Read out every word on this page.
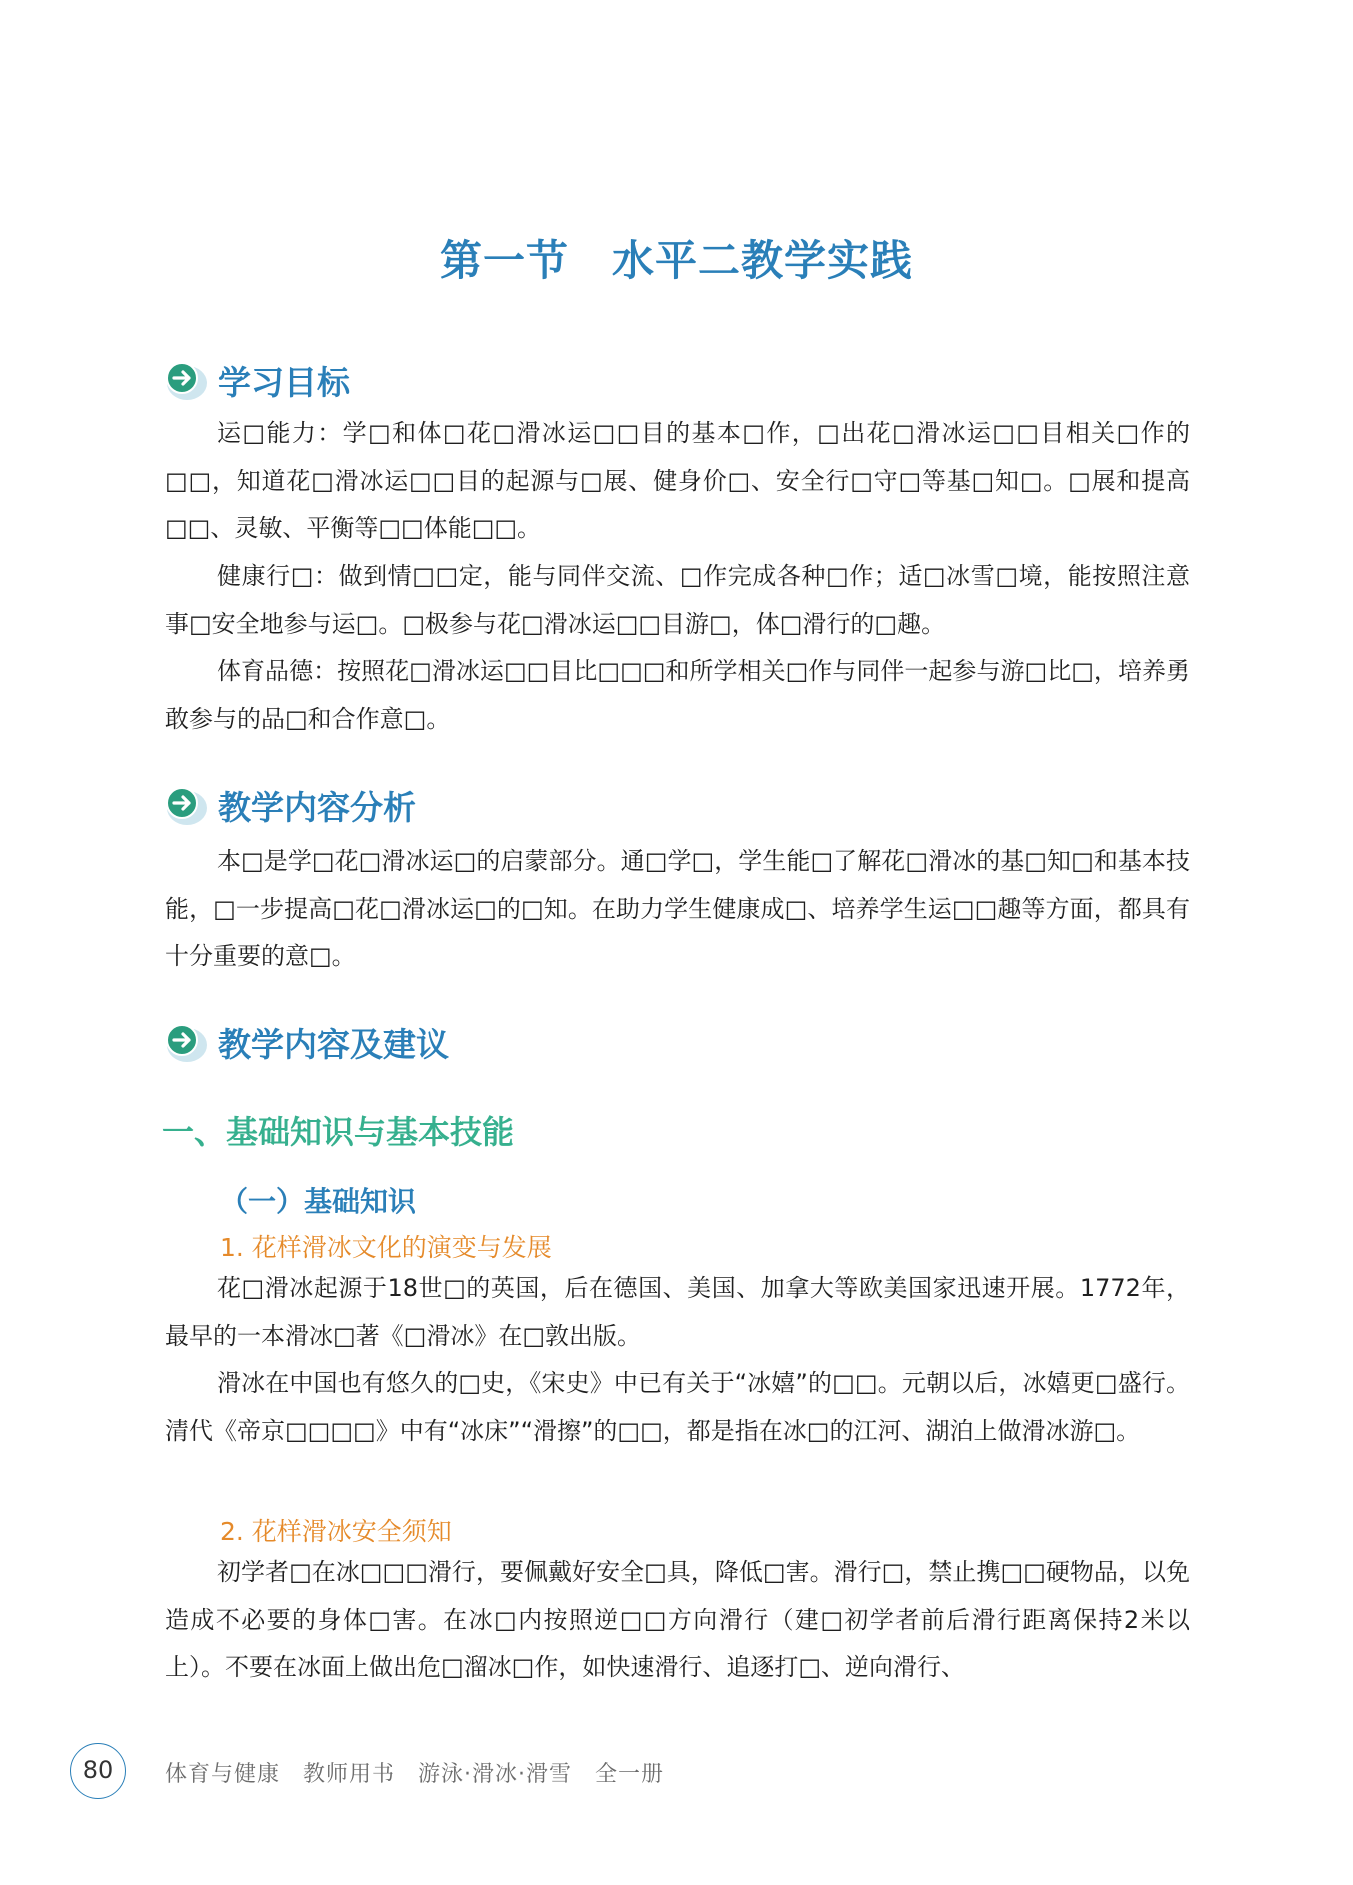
第一节　水平二教学实践
学习目标

运□能力：学□和体□花□滑冰运□□目的基本□作，□出花□滑冰运□□目相关□作的□□，知道花□滑冰运□□目的起源与□展、健身价□、安全行□守□等基□知□。□展和提高□□、灵敏、平衡等□□体能□□。

健康行□：做到情□□定，能与同伴交流、□作完成各种□作；适□冰雪□境，能按照注意事□安全地参与运□。□极参与花□滑冰运□□目游□，体□滑行的□趣。

体育品德：按照花□滑冰运□□目比□□□和所学相关□作与同伴一起参与游□比□，培养勇敢参与的品□和合作意□。

教学内容分析

本□是学□花□滑冰运□的启蒙部分。通□学□，学生能□了解花□滑冰的基□知□和基本技能，□一步提高□花□滑冰运□的□知。在助力学生健康成□、培养学生运□□趣等方面，都具有十分重要的意□。

教学内容及建议
一、基础知识与基本技能
（一）基础知识
1. 花样滑冰文化的演变与发展

花□滑冰起源于18世□的英国，后在德国、美国、加拿大等欧美国家迅速开展。1772年，最早的一本滑冰□著《□滑冰》在□敦出版。

滑冰在中国也有悠久的□史，《宋史》中已有关于“冰嬉”的□□。元朝以后，冰嬉更□盛行。清代《帝京□□□□》中有“冰床”“滑擦”的□□，都是指在冰□的江河、湖泊上做滑冰游□。

2. 花样滑冰安全须知

初学者□在冰□□□滑行，要佩戴好安全□具，降低□害。滑行□，禁止携□□硬物品，以免造成不必要的身体□害。在冰□内按照逆□□方向滑行（建□初学者前后滑行距离保持2米以上）。不要在冰面上做出危□溜冰□作，如快速滑行、追逐打□、逆向滑行、

80	体育与健康　教师用书　游泳·滑冰·滑雪　全一册
